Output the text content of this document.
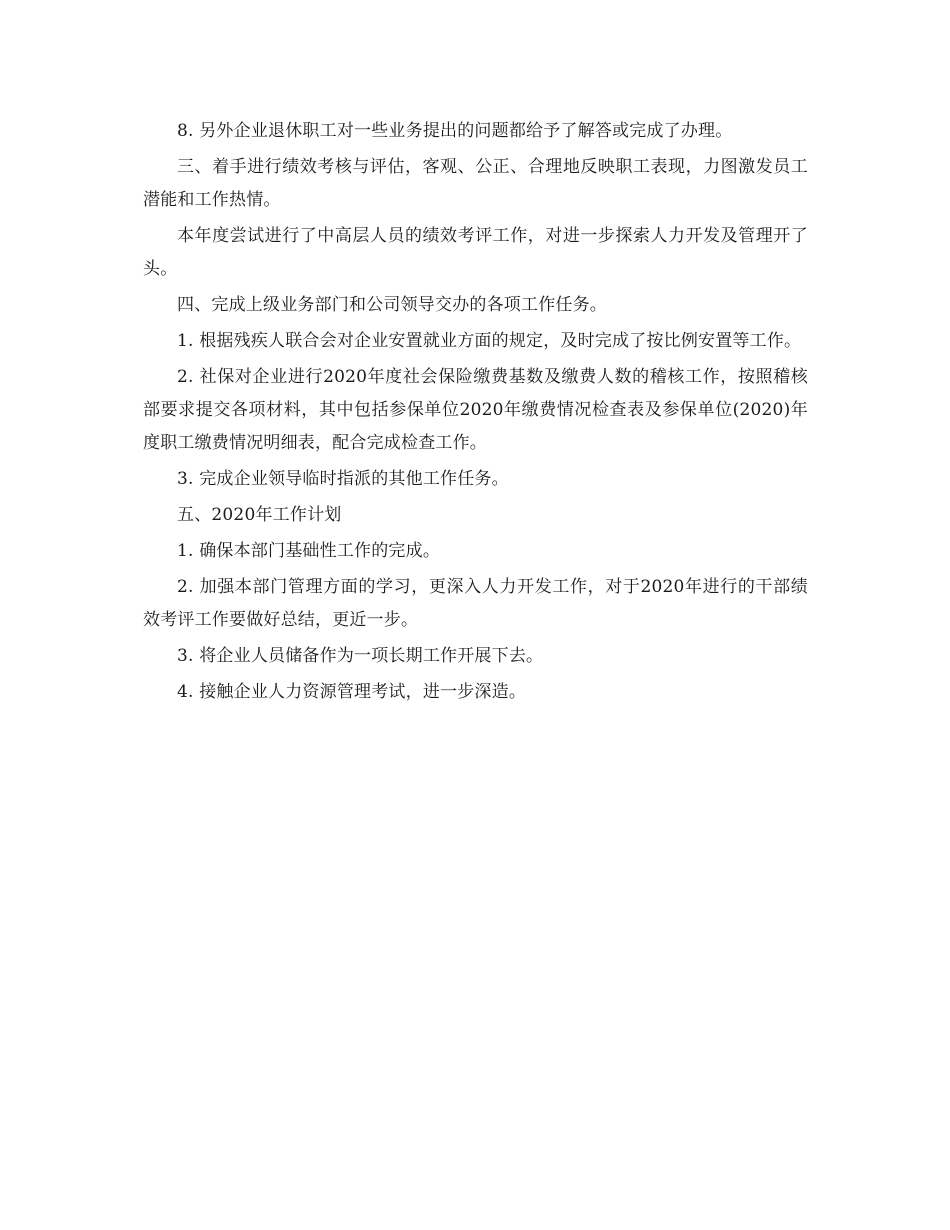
8. 另外企业退休职工对一些业务提出的问题都给予了解答或完成了办理。

三、着手进行绩效考核与评估，客观、公正、合理地反映职工表现，力图激发员工潜能和工作热情。

本年度尝试进行了中高层人员的绩效考评工作，对进一步探索人力开发及管理开了头。

四、完成上级业务部门和公司领导交办的各项工作任务。

1. 根据残疾人联合会对企业安置就业方面的规定，及时完成了按比例安置等工作。

2. 社保对企业进行2020年度社会保险缴费基数及缴费人数的稽核工作，按照稽核部要求提交各项材料，其中包括参保单位2020年缴费情况检查表及参保单位(2020)年度职工缴费情况明细表，配合完成检查工作。

3. 完成企业领导临时指派的其他工作任务。

五、2020年工作计划

1. 确保本部门基础性工作的完成。

2. 加强本部门管理方面的学习，更深入人力开发工作，对于2020年进行的干部绩效考评工作要做好总结，更近一步。

3. 将企业人员储备作为一项长期工作开展下去。

4. 接触企业人力资源管理考试，进一步深造。
